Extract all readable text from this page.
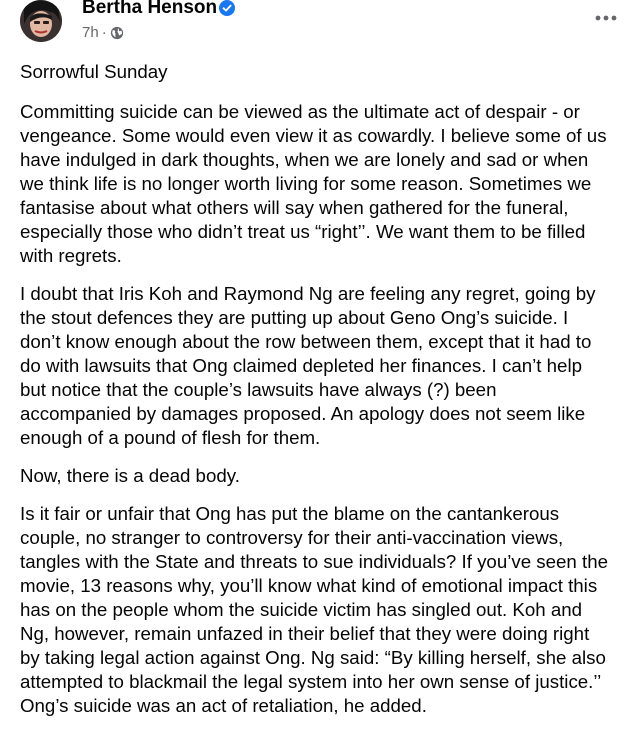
Bertha Henson
7h ·

Sorrowful Sunday

Committing suicide can be viewed as the ultimate act of despair - or
vengeance. Some would even view it as cowardly. I believe some of us
have indulged in dark thoughts, when we are lonely and sad or when
we think life is no longer worth living for some reason. Sometimes we
fantasise about what others will say when gathered for the funeral,
especially those who didn’t treat us “right’’. We want them to be filled
with regrets.

I doubt that Iris Koh and Raymond Ng are feeling any regret, going by
the stout defences they are putting up about Geno Ong’s suicide. I
don’t know enough about the row between them, except that it had to
do with lawsuits that Ong claimed depleted her finances. I can’t help
but notice that the couple’s lawsuits have always (?) been
accompanied by damages proposed. An apology does not seem like
enough of a pound of flesh for them.

Now, there is a dead body.

Is it fair or unfair that Ong has put the blame on the cantankerous
couple, no stranger to controversy for their anti-vaccination views,
tangles with the State and threats to sue individuals? If you’ve seen the
movie, 13 reasons why, you’ll know what kind of emotional impact this
has on the people whom the suicide victim has singled out. Koh and
Ng, however, remain unfazed in their belief that they were doing right
by taking legal action against Ong. Ng said: “By killing herself, she also
attempted to blackmail the legal system into her own sense of justice.’’
Ong’s suicide was an act of retaliation, he added.
